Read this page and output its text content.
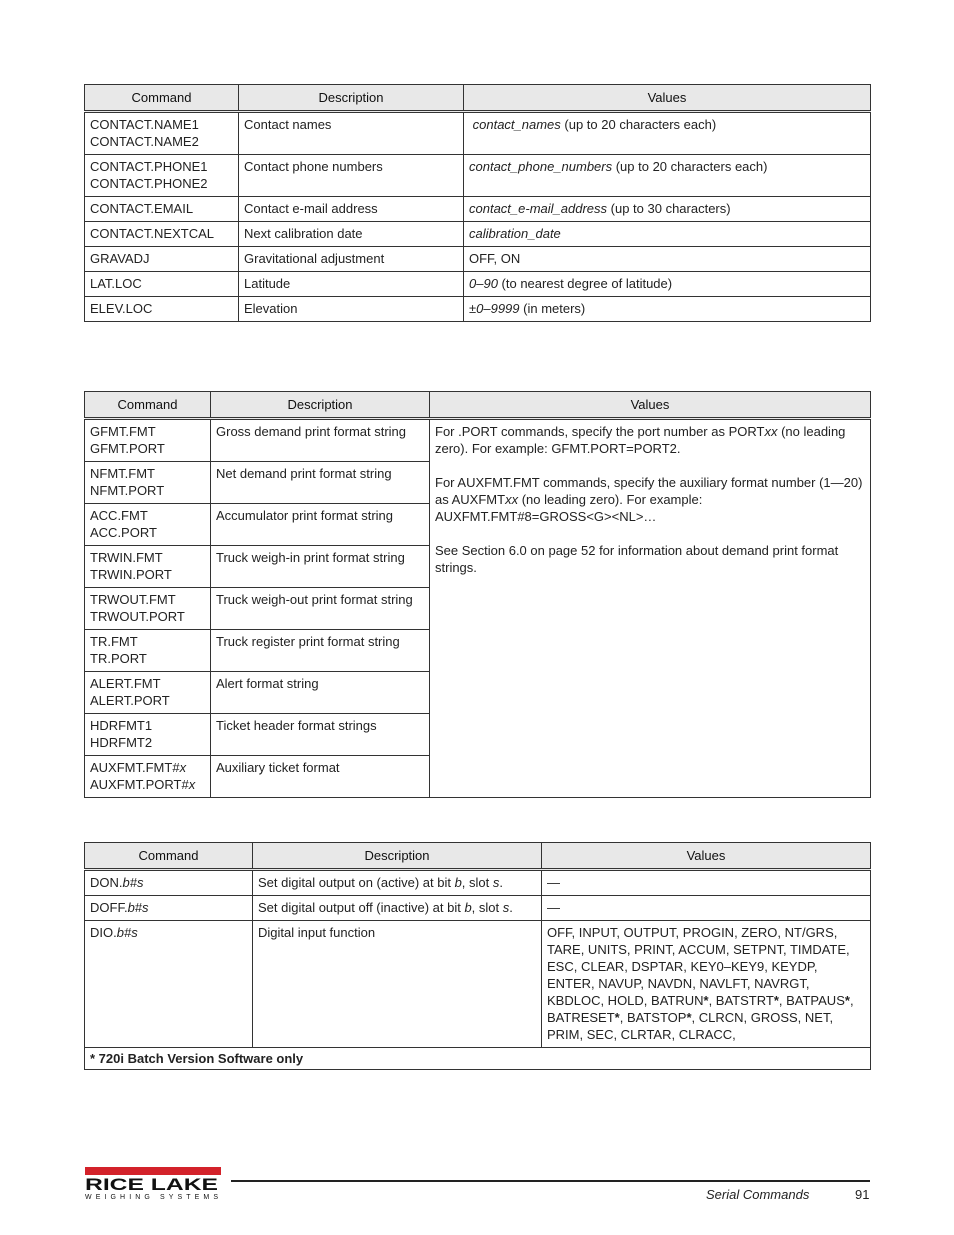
Command	Description	Values

CONTACT.NAME1
CONTACT.NAME2	Contact names	contact_names (up to 20 characters each)

CONTACT.PHONE1
CONTACT.PHONE2	Contact phone numbers	contact_phone_numbers (up to 20 characters each)
CONTACT.EMAIL	Contact e-mail address	contact_e-mail_address (up to 30 characters)
CONTACT.NEXTCAL	Next calibration date	calibration_date
GRAVADJ	Gravitational adjustment	OFF, ON
LAT.LOC	Latitude	0–90 (to nearest degree of latitude)
ELEV.LOC	Elevation	±0–9999 (in meters)
Command	Description	Values

GFMT.FMT
GFMT.PORT	Gross demand print format string	For .PORT commands, specify the port number as PORTxx (no leading zero). For example: GFMT.PORT=PORT2.
For AUXFMT.FMT commands, specify the auxiliary format number (1—20) as AUXFMTxx (no leading zero). For example: AUXFMT.FMT#8=GROSS<G><NL>…
See Section 6.0 on page 52 for information about demand print format strings.

NFMT.FMT
NFMT.PORT	Net demand print format string	

ACC.FMT
ACC.PORT	Accumulator print format string	

TRWIN.FMT
TRWIN.PORT	Truck weigh-in print format string	

TRWOUT.FMT
TRWOUT.PORT	Truck weigh-out print format string	

TR.FMT
TR.PORT	Truck register print format string	

ALERT.FMT
ALERT.PORT	Alert format string	

HDRFMT1
HDRFMT2	Ticket header format strings	

AUXFMT.FMT#x
AUXFMT.PORT#x	Auxiliary ticket format	
Command	Description	Values
DON.b#s	Set digital output on (active) at bit b, slot s.	—
DOFF.b#s	Set digital output off (inactive) at bit b, slot s.	—
DIO.b#s	Digital input function	OFF, INPUT, OUTPUT, PROGIN, ZERO, NT/GRS, TARE, UNITS, PRINT, ACCUM, SETPNT, TIMDATE, ESC, CLEAR, DSPTAR, KEY0–KEY9, KEYDP, ENTER, NAVUP, NAVDN, NAVLFT, NAVRGT, KBDLOC, HOLD, BATRUN*, BATSTRT*, BATPAUS*, BATRESET*, BATSTOP*, CLRCN, GROSS, NET, PRIM, SEC, CLRTAR, CLRACC,
* 720i Batch Version Software only		
RICE LAKE
WEIGHING SYSTEMS	Serial Commands	91
